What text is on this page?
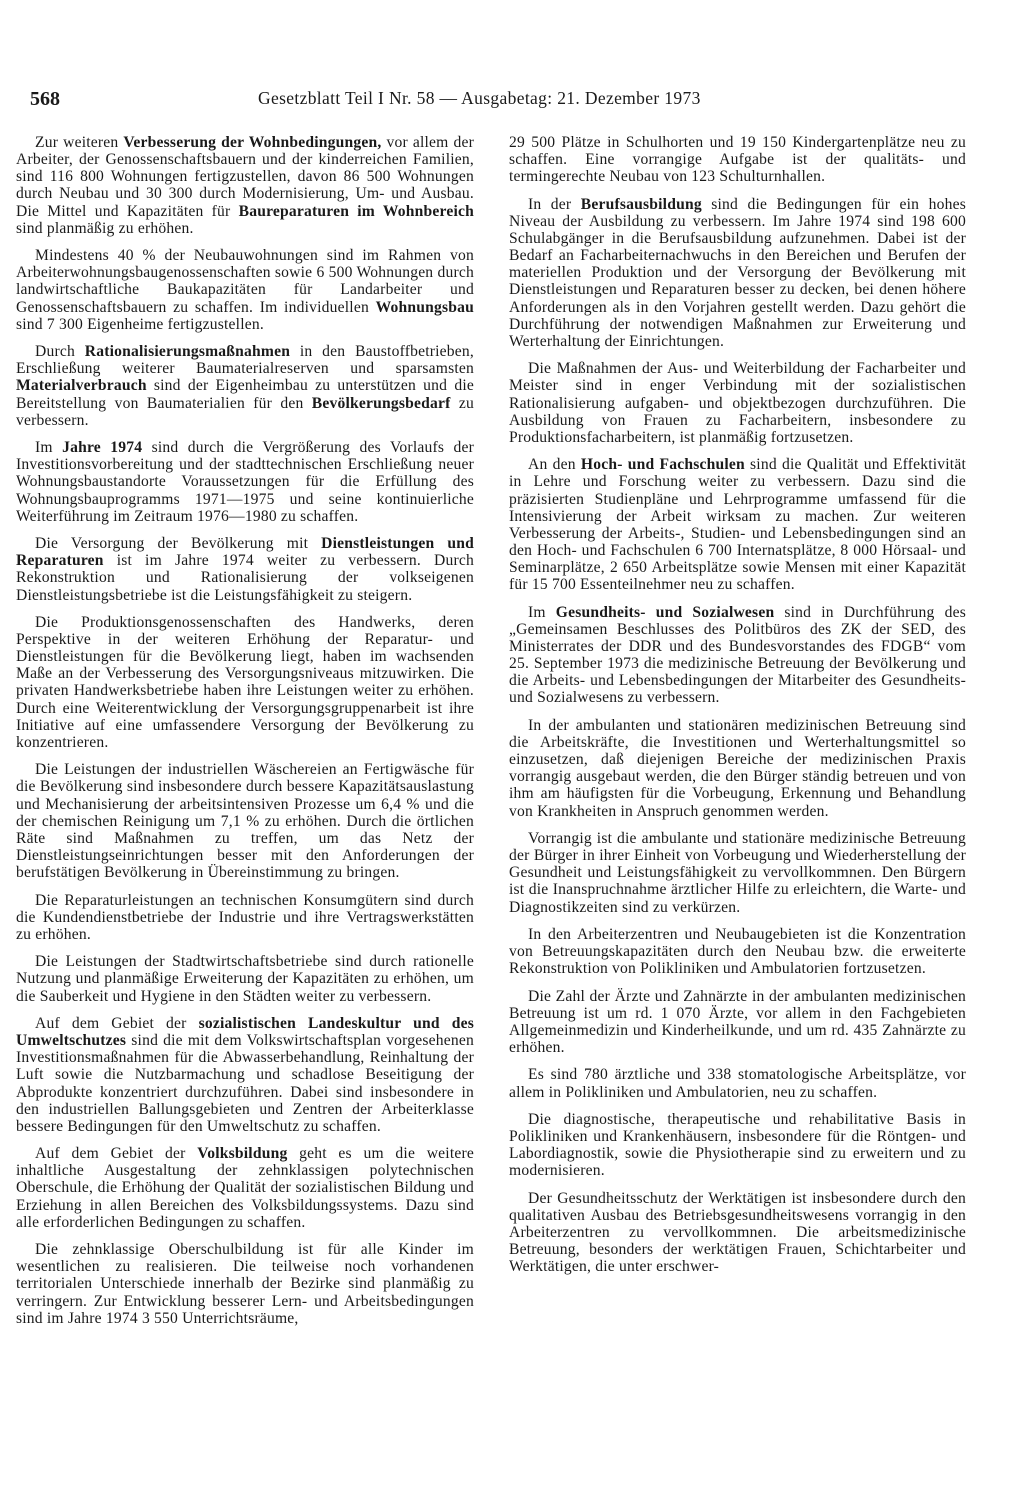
568	Gesetzblatt Teil I Nr. 58 — Ausgabetag: 21. Dezember 1973

Zur weiteren Verbesserung der Wohnbedingungen, vor allem der Arbeiter, der Genossenschaftsbauern und der kinderreichen Familien, sind 116 800 Wohnungen fertigzustellen, davon 86 500 Wohnungen durch Neubau und 30 300 durch Modernisierung, Um- und Ausbau. Die Mittel und Kapazitäten für Baureparaturen im Wohnbereich sind planmäßig zu erhöhen.

Mindestens 40 % der Neubauwohnungen sind im Rahmen von Arbeiterwohnungsbaugenossenschaften sowie 6 500 Wohnungen durch landwirtschaftliche Baukapazitäten für Landarbeiter und Genossenschaftsbauern zu schaffen. Im individuellen Wohnungsbau sind 7 300 Eigenheime fertigzustellen.

Durch Rationalisierungsmaßnahmen in den Baustoffbetrieben, Erschließung weiterer Baumaterialreserven und sparsamsten Materialverbrauch sind der Eigenheimbau zu unterstützen und die Bereitstellung von Baumaterialien für den Bevölkerungsbedarf zu verbessern.

Im Jahre 1974 sind durch die Vergrößerung des Vorlaufs der Investitionsvorbereitung und der stadttechnischen Erschließung neuer Wohnungsbaustandorte Voraussetzungen für die Erfüllung des Wohnungsbauprogramms 1971—1975 und seine kontinuierliche Weiterführung im Zeitraum 1976—1980 zu schaffen.

Die Versorgung der Bevölkerung mit Dienstleistungen und Reparaturen ist im Jahre 1974 weiter zu verbessern. Durch Rekonstruktion und Rationalisierung der volkseigenen Dienstleistungsbetriebe ist die Leistungsfähigkeit zu steigern.

Die Produktionsgenossenschaften des Handwerks, deren Perspektive in der weiteren Erhöhung der Reparatur- und Dienstleistungen für die Bevölkerung liegt, haben im wachsenden Maße an der Verbesserung des Versorgungsniveaus mitzuwirken. Die privaten Handwerksbetriebe haben ihre Leistungen weiter zu erhöhen. Durch eine Weiterentwicklung der Versorgungsgruppenarbeit ist ihre Initiative auf eine umfassendere Versorgung der Bevölkerung zu konzentrieren.

Die Leistungen der industriellen Wäschereien an Fertigwäsche für die Bevölkerung sind insbesondere durch bessere Kapazitätsauslastung und Mechanisierung der arbeitsintensiven Prozesse um 6,4 % und die der chemischen Reinigung um 7,1 % zu erhöhen. Durch die örtlichen Räte sind Maßnahmen zu treffen, um das Netz der Dienstleistungseinrichtungen besser mit den Anforderungen der berufstätigen Bevölkerung in Übereinstimmung zu bringen.

Die Reparaturleistungen an technischen Konsumgütern sind durch die Kundendienstbetriebe der Industrie und ihre Vertragswerkstätten zu erhöhen.

Die Leistungen der Stadtwirtschaftsbetriebe sind durch rationelle Nutzung und planmäßige Erweiterung der Kapazitäten zu erhöhen, um die Sauberkeit und Hygiene in den Städten weiter zu verbessern.

Auf dem Gebiet der sozialistischen Landeskultur und des Umweltschutzes sind die mit dem Volkswirtschaftsplan vorgesehenen Investitionsmaßnahmen für die Abwasserbehandlung, Reinhaltung der Luft sowie die Nutzbarmachung und schadlose Beseitigung der Abprodukte konzentriert durchzuführen. Dabei sind insbesondere in den industriellen Ballungsgebieten und Zentren der Arbeiterklasse bessere Bedingungen für den Umweltschutz zu schaffen.

Auf dem Gebiet der Volksbildung geht es um die weitere inhaltliche Ausgestaltung der zehnklassigen polytechnischen Oberschule, die Erhöhung der Qualität der sozialistischen Bildung und Erziehung in allen Bereichen des Volksbildungssystems. Dazu sind alle erforderlichen Bedingungen zu schaffen.

Die zehnklassige Oberschulbildung ist für alle Kinder im wesentlichen zu realisieren. Die teilweise noch vorhandenen territorialen Unterschiede innerhalb der Bezirke sind planmäßig zu verringern. Zur Entwicklung besserer Lern- und Arbeitsbedingungen sind im Jahre 1974 3 550 Unterrichtsräume,

29 500 Plätze in Schulhorten und 19 150 Kindergartenplätze neu zu schaffen. Eine vorrangige Aufgabe ist der qualitäts- und termingerechte Neubau von 123 Schulturnhallen.

In der Berufsausbildung sind die Bedingungen für ein hohes Niveau der Ausbildung zu verbessern. Im Jahre 1974 sind 198 600 Schulabgänger in die Berufsausbildung aufzunehmen. Dabei ist der Bedarf an Facharbeiternachwuchs in den Bereichen und Berufen der materiellen Produktion und der Versorgung der Bevölkerung mit Dienstleistungen und Reparaturen besser zu decken, bei denen höhere Anforderungen als in den Vorjahren gestellt werden. Dazu gehört die Durchführung der notwendigen Maßnahmen zur Erweiterung und Werterhaltung der Einrichtungen.

Die Maßnahmen der Aus- und Weiterbildung der Facharbeiter und Meister sind in enger Verbindung mit der sozialistischen Rationalisierung aufgaben- und objektbezogen durchzuführen. Die Ausbildung von Frauen zu Facharbeitern, insbesondere zu Produktionsfacharbeitern, ist planmäßig fortzusetzen.

An den Hoch- und Fachschulen sind die Qualität und Effektivität in Lehre und Forschung weiter zu verbessern. Dazu sind die präzisierten Studienpläne und Lehrprogramme umfassend für die Intensivierung der Arbeit wirksam zu machen. Zur weiteren Verbesserung der Arbeits-, Studien- und Lebensbedingungen sind an den Hoch- und Fachschulen 6 700 Internatsplätze, 8 000 Hörsaal- und Seminarplätze, 2 650 Arbeitsplätze sowie Mensen mit einer Kapazität für 15 700 Essenteilnehmer neu zu schaffen.

Im Gesundheits- und Sozialwesen sind in Durchführung des „Gemeinsamen Beschlusses des Politbüros des ZK der SED, des Ministerrates der DDR und des Bundesvorstandes des FDGB“ vom 25. September 1973 die medizinische Betreuung der Bevölkerung und die Arbeits- und Lebensbedingungen der Mitarbeiter des Gesundheits- und Sozialwesens zu verbessern.

In der ambulanten und stationären medizinischen Betreuung sind die Arbeitskräfte, die Investitionen und Werterhaltungsmittel so einzusetzen, daß diejenigen Bereiche der medizinischen Praxis vorrangig ausgebaut werden, die den Bürger ständig betreuen und von ihm am häufigsten für die Vorbeugung, Erkennung und Behandlung von Krankheiten in Anspruch genommen werden.

Vorrangig ist die ambulante und stationäre medizinische Betreuung der Bürger in ihrer Einheit von Vorbeugung und Wiederherstellung der Gesundheit und Leistungsfähigkeit zu vervollkommnen. Den Bürgern ist die Inanspruchnahme ärztlicher Hilfe zu erleichtern, die Warte- und Diagnostikzeiten sind zu verkürzen.

In den Arbeiterzentren und Neubaugebieten ist die Konzentration von Betreuungskapazitäten durch den Neubau bzw. die erweiterte Rekonstruktion von Polikliniken und Ambulatorien fortzusetzen.

Die Zahl der Ärzte und Zahnärzte in der ambulanten medizinischen Betreuung ist um rd. 1 070 Ärzte, vor allem in den Fachgebieten Allgemeinmedizin und Kinderheilkunde, und um rd. 435 Zahnärzte zu erhöhen.

Es sind 780 ärztliche und 338 stomatologische Arbeitsplätze, vor allem in Polikliniken und Ambulatorien, neu zu schaffen.

Die diagnostische, therapeutische und rehabilitative Basis in Polikliniken und Krankenhäusern, insbesondere für die Röntgen- und Labordiagnostik, sowie die Physiotherapie sind zu erweitern und zu modernisieren.

Der Gesundheitsschutz der Werktätigen ist insbesondere durch den qualitativen Ausbau des Betriebsgesundheitswesens vorrangig in den Arbeiterzentren zu vervollkommnen. Die arbeitsmedizinische Betreuung, besonders der werktätigen Frauen, Schichtarbeiter und Werktätigen, die unter erschwer-
